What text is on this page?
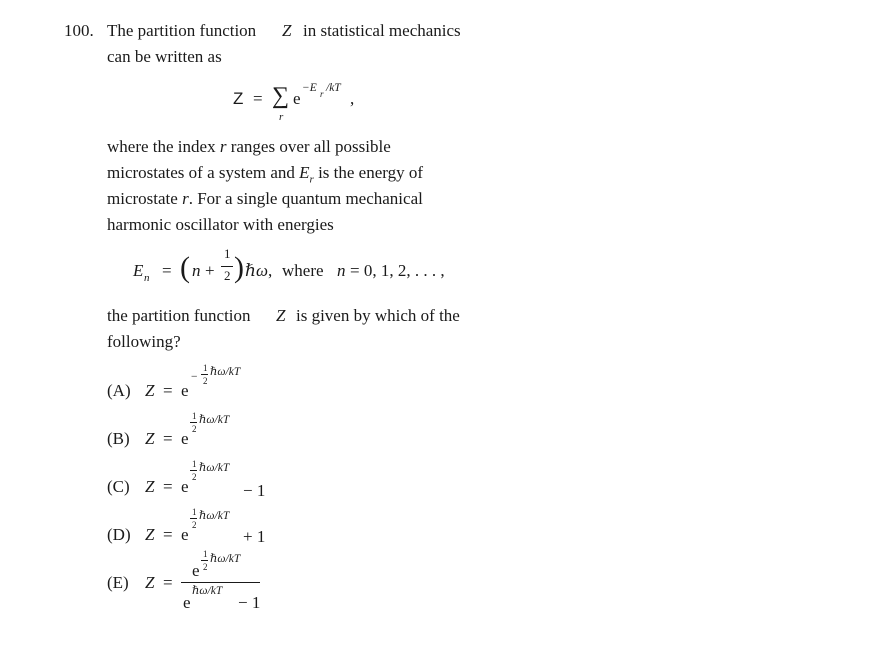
100. The partition function Z in statistical mechanics
can be written as
Z = ∑
r
e
−E r /kT
,
where the index r ranges over all possible
microstates of a system and $E_r$ is the energy of
microstate r. For a single quantum mechanical
harmonic oscillator with energies
E n = ( n +
1
2 ) ℏω , where n = 0, 1, 2, . . . ,
the partition function Z is given by which of the
following?
(A) Z = e
−
1
2
ℏω/kT
(B) Z = e
1
2
ℏω/kT
(C) Z = e
1
2
ℏω/kT
− 1
(D) Z = e
1
2
ℏω/kT
+ 1
(E) Z =
e
1
2
ℏω/kT
e
ℏω/kT
− 1
